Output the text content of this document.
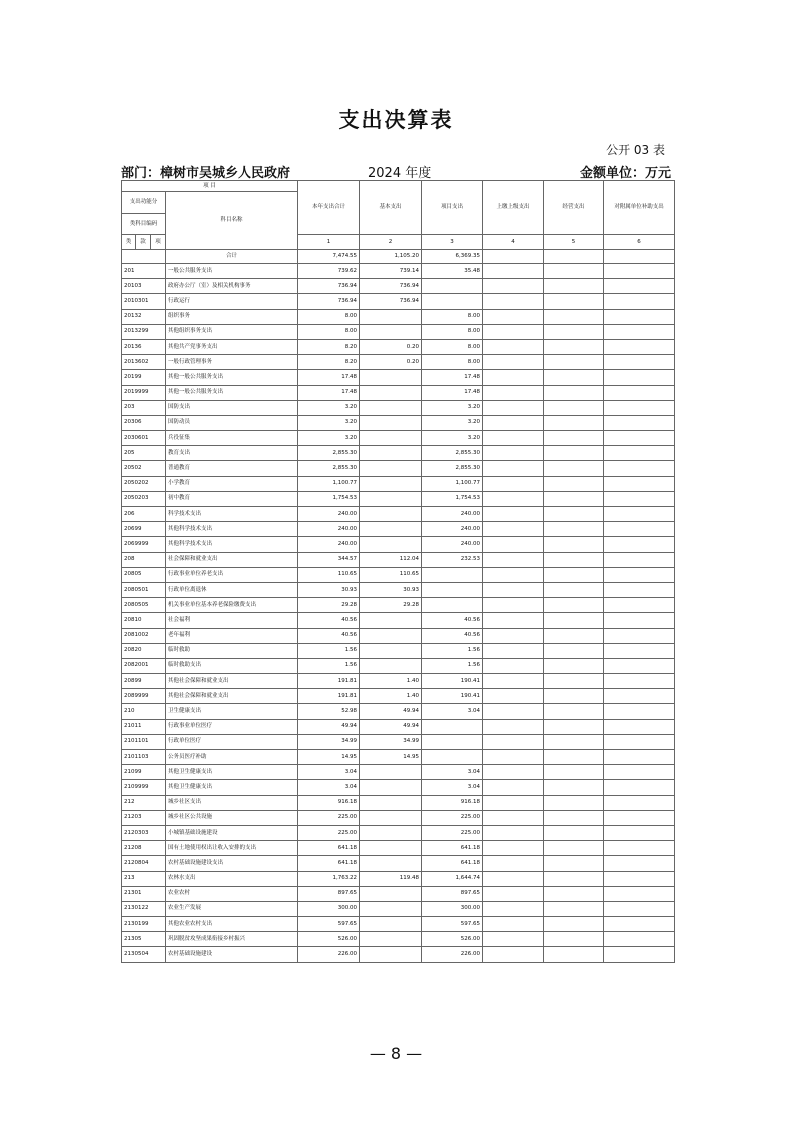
支出决算表
公开 03 表
部门：樟树市吴城乡人民政府	2024 年度	金额单位：万元
项 目				本年支出合计	基本支出	项目支出	上缴上级支出	经营支出	对附属单位补助支出
支出功能分			科目名称						
类科目编码									
类	款	项		1	2	3	4	5	6
			合计	7,474.55	1,105.20	6,369.35			
201			一般公共服务支出	739.62	739.14	35.48			
20103			政府办公厅（室）及相关机构事务	736.94	736.94				
2010301			行政运行	736.94	736.94				
20132			组织事务	8.00		8.00			
2013299			其他组织事务支出	8.00		8.00			
20136			其他共产党事务支出	8.20	0.20	8.00			
2013602			一般行政管理事务	8.20	0.20	8.00			
20199			其他一般公共服务支出	17.48		17.48			
2019999			其他一般公共服务支出	17.48		17.48			
203			国防支出	3.20		3.20			
20306			国防动员	3.20		3.20			
2030601			兵役征集	3.20		3.20			
205			教育支出	2,855.30		2,855.30			
20502			普通教育	2,855.30		2,855.30			
2050202			小学教育	1,100.77		1,100.77			
2050203			初中教育	1,754.53		1,754.53			
206			科学技术支出	240.00		240.00			
20699			其他科学技术支出	240.00		240.00			
2069999			其他科学技术支出	240.00		240.00			
208			社会保障和就业支出	344.57	112.04	232.53			
20805			行政事业单位养老支出	110.65	110.65				
2080501			行政单位离退休	30.93	30.93				
2080505			机关事业单位基本养老保险缴费支出	29.28	29.28				
20810			社会福利	40.56		40.56			
2081002			老年福利	40.56		40.56			
20820			临时救助	1.56		1.56			
2082001			临时救助支出	1.56		1.56			
20899			其他社会保障和就业支出	191.81	1.40	190.41			
2089999			其他社会保障和就业支出	191.81	1.40	190.41			
210			卫生健康支出	52.98	49.94	3.04			
21011			行政事业单位医疗	49.94	49.94				
2101101			行政单位医疗	34.99	34.99				
2101103			公务员医疗补助	14.95	14.95				
21099			其他卫生健康支出	3.04		3.04			
2109999			其他卫生健康支出	3.04		3.04			
212			城乡社区支出	916.18		916.18			
21203			城乡社区公共设施	225.00		225.00			
2120303			小城镇基础设施建设	225.00		225.00			
21208			国有土地使用权出让收入安排的支出	641.18		641.18			
2120804			农村基础设施建设支出	641.18		641.18			
213			农林水支出	1,763.22	119.48	1,644.74			
21301			农业农村	897.65		897.65			
2130122			农业生产发展	300.00		300.00			
2130199			其他农业农村支出	597.65		597.65			
21305			巩固脱贫攻坚成果衔接乡村振兴	526.00		526.00			
2130504			农村基础设施建设	226.00		226.00			
— 8 —
